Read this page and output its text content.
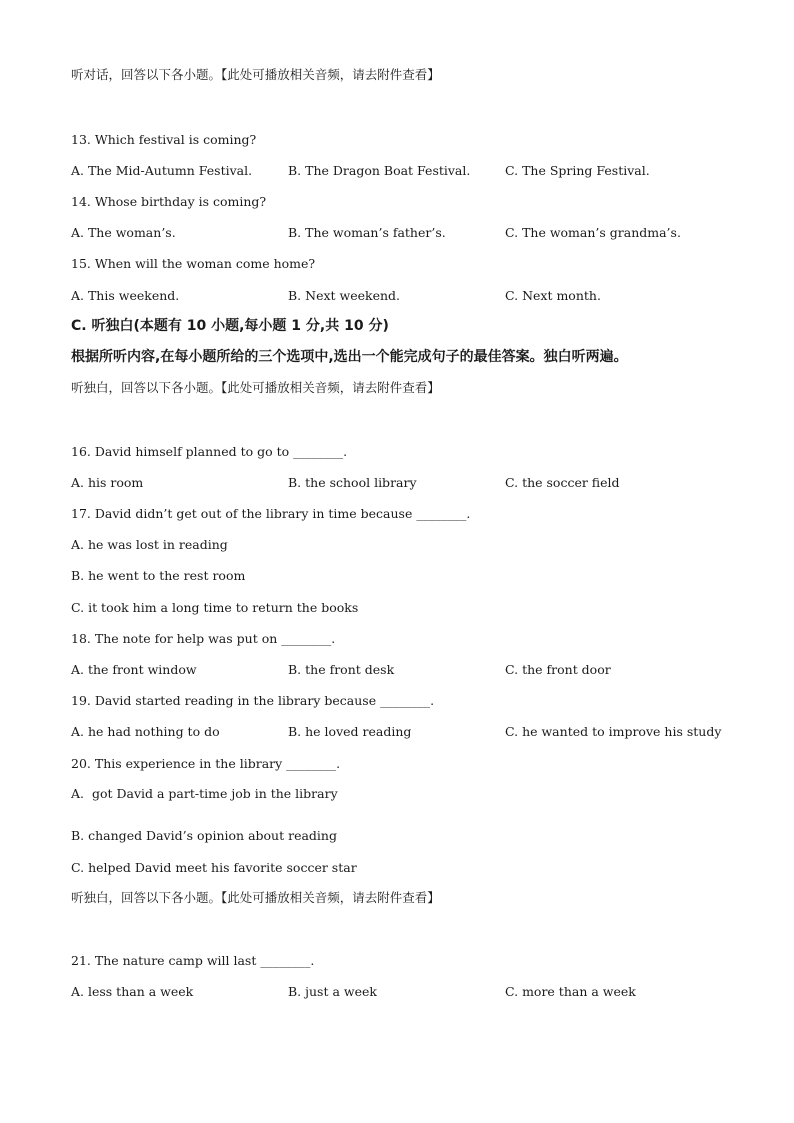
听对话，回答以下各小题。【此处可播放相关音频，请去附件查看】
13. Which festival is coming?
A. The Mid-Autumn Festival.	B. The Dragon Boat Festival.	C. The Spring Festival.
14. Whose birthday is coming?
A. The woman’s.	B. The woman’s father’s.	C. The woman’s grandma’s.
15. When will the woman come home?
A. This weekend.	B. Next weekend.	C. Next month.
C. 听独白(本题有 10 小题,每小题 1 分,共 10 分)
根据所听内容,在每小题所给的三个选项中,选出一个能完成句子的最佳答案。独白听两遍。
听独白，回答以下各小题。【此处可播放相关音频，请去附件查看】
16. David himself planned to go to ________.
A. his room	B. the school library	C. the soccer field
17. David didn’t get out of the library in time because ________.
A. he was lost in reading
B. he went to the rest room
C. it took him a long time to return the books
18. The note for help was put on ________.
A. the front window	B. the front desk	C. the front door
19. David started reading in the library because ________.
A. he had nothing to do	B. he loved reading	C. he wanted to improve his study
20. This experience in the library ________.
A.  got David a part-time job in the library
B. changed David’s opinion about reading
C. helped David meet his favorite soccer star
听独白，回答以下各小题。【此处可播放相关音频，请去附件查看】
21. The nature camp will last ________.
A. less than a week	B. just a week	C. more than a week
